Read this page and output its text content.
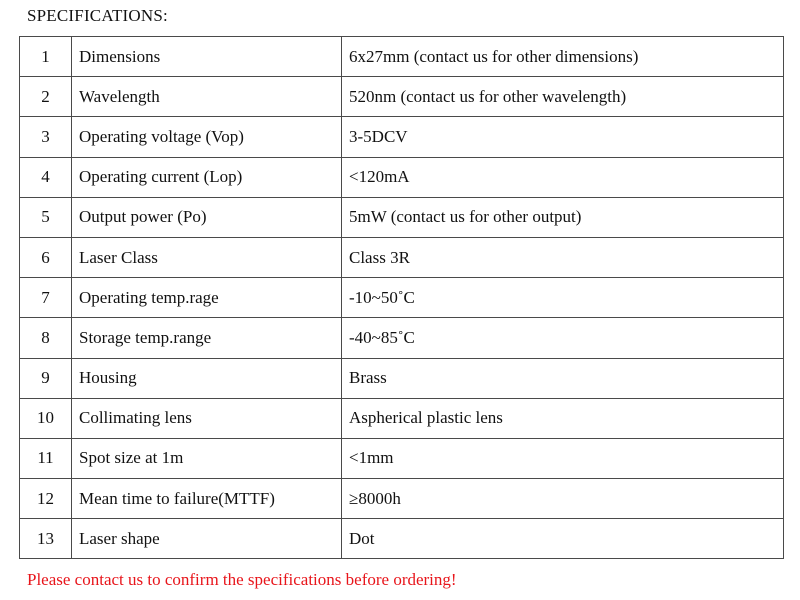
SPECIFICATIONS:
1	Dimensions	6x27mm (contact us for other dimensions)
2	Wavelength	520nm (contact us for other wavelength)
3	Operating voltage (Vop)	3-5DCV
4	Operating current (Lop)	<120mA
5	Output power (Po)	5mW (contact us for other output)
6	Laser Class	Class 3R
7	Operating temp.rage	-10~50˚C
8	Storage temp.range	-40~85˚C
9	Housing	Brass
10	Collimating lens	Aspherical plastic lens
11	Spot size at 1m	<1mm
12	Mean time to failure(MTTF)	≥8000h
13	Laser shape	Dot
Please contact us to confirm the specifications before ordering!
